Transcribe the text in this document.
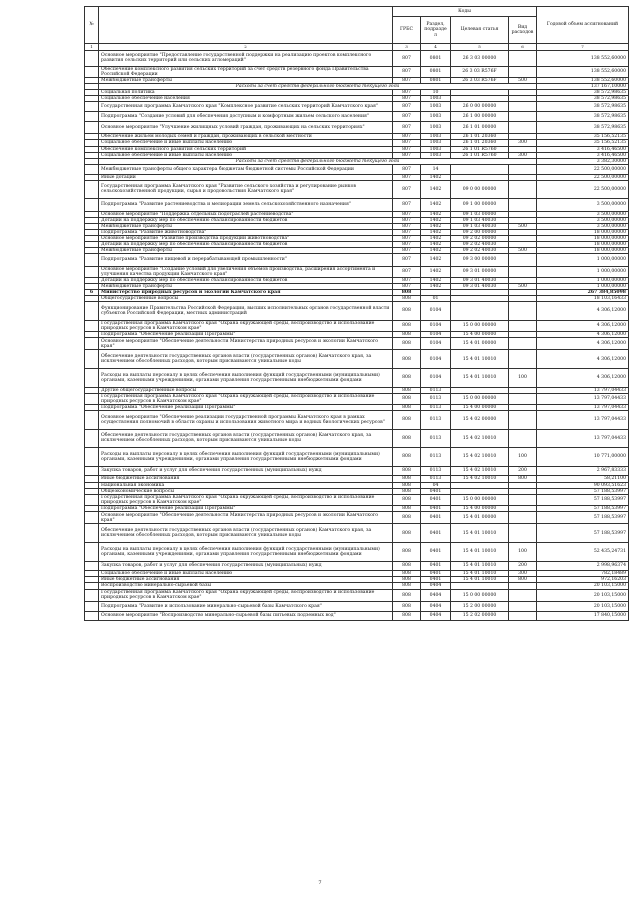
№		Коды				Годовой объем ассигнований
		ГРБС	Раздел, подраздел	Целевая статья	Вид расходов	
1	2	3	4	5	6	7
	Основное мероприятие "Предоставление государственной поддержки на реализацию проектов комплексного развития сельских территорий или сельских агломераций"	807	0801	26 3 03 00000		138 552,60000
	Обеспечение комплексного развития сельских территорий за счет средств резервного фонда Правительства Российской Федерации	807	0801	26 3 03 R576F		138 552,60000
	Межбюджетные трансферты	807	0801	26 3 03 R576F	500	138 552,60000
	Расходы за счет средств федерального бюджета текущего года					137 167,10000
	Социальная политика	807	10			38 572,98635
	Социальное обеспечение населения	807	1003			38 572,98635
	Государственная программа Камчатского края "Комплексное развитие сельских территорий Камчатского края"	807	1003	26 0 00 00000		38 572,98635
	Подпрограмма "Создание условий для обеспечения доступным и комфортным жильем сельского населения"	807	1003	26 1 00 00000		38 572,98635
	Основное мероприятие "Улучшение жилищных условий граждан, проживающих на сельских территориях"	807	1003	26 1 01 00000		38 572,98635
	Обеспечение жильем молодых семей и граждан, проживающих в сельской местности	807	1003	26 1 01 20360		35 156,52135
	Социальное обеспечение и иные выплаты населению	807	1003	26 1 01 20360	300	35 156,52135
	Обеспечение комплексного развития сельских территорий	807	1003	26 1 01 R5760		3 416,46500
	Социальное обеспечение и иные выплаты населению	807	1003	26 1 01 R5760	300	3 416,46500
	Расходы за счет средств федерального бюджета текущего года					3 382,30000
	Межбюджетные трансферты общего характера бюджетам бюджетной системы Российской Федерации	807	14			22 500,00000
	Иные дотации	807	1402			22 500,00000
	Государственная программа Камчатского края "Развитие сельского хозяйства и регулирование рынков сельскохозяйственной продукции, сырья и продовольствия Камчатского края"	807	1402	09 0 00 00000		22 500,00000
	Подпрограмма "Развитие растениеводства и мелиорации земель сельскохозяйственного назначения"	807	1402	09 1 00 00000		3 500,00000
	Основное мероприятие "Поддержка отдельных подотраслей растениеводства"	807	1402	09 1 03 00000		3 500,00000
	Дотации на поддержку мер по обеспечению сбалансированности бюджетов	807	1402	09 1 03 40030		3 500,00000
	Межбюджетные трансферты	807	1402	09 1 03 40030	500	3 500,00000
	Подпрограмма "Развитие животноводства"	807	1402	09 2 00 00000		18 000,00000
	Основное мероприятие "Развитие производства продукции животноводства"	807	1402	09 2 02 00000		18 000,00000
	Дотации на поддержку мер по обеспечению сбалансированности бюджетов	807	1402	09 2 02 40030		18 000,00000
	Межбюджетные трансферты	807	1402	09 2 02 40030	500	18 000,00000
	Подпрограмма "Развитие пищевой и перерабатывающей промышленности"	807	1402	09 3 00 00000		1 000,00000
	Основное мероприятие "Создание условий для увеличения объемов производства, расширения ассортимента и улучшения качества продукции Камчатского края"	807	1402	09 3 01 00000		1 000,00000
	Дотации на поддержку мер по обеспечению сбалансированности бюджетов	807	1402	09 3 01 40030		1 000,00000
	Межбюджетные трансферты	807	1402	09 3 01 40030	500	1 000,00000
6	Министерство природных ресурсов и экологии Камчатского края	808				267 384,85098
	Общегосударственные вопросы	808	01			18 103,16433
	Функционирование Правительства Российской Федерации, высших исполнительных органов государственной власти субъектов Российской Федерации, местных администраций	808	0104			4 306,12000
	Государственная программа Камчатского края "Охрана окружающей среды, воспроизводство и использование природных ресурсов в Камчатском крае"	808	0104	15 0 00 00000		4 306,12000
	Подпрограмма "Обеспечение реализации Программы"	808	0104	15 4 00 00000		4 306,12000
	Основное мероприятие "Обеспечение деятельности Министерства природных ресурсов и экологии Камчатского края"	808	0104	15 4 01 00000		4 306,12000
	Обеспечение деятельности государственных органов власти (государственных органов) Камчатского края, за исключением обособленных расходов, которым присваиваются уникальные коды	808	0104	15 4 01 10010		4 306,12000
	Расходы на выплаты персоналу в целях обеспечения выполнения функций государственными (муниципальными) органами, казенными учреждениями, органами управления государственными внебюджетными фондами	808	0104	15 4 01 10010	100	4 306,12000
	Другие общегосударственные вопросы	808	0113			13 797,04433
	Государственная программа Камчатского края "Охрана окружающей среды, воспроизводство и использование природных ресурсов в Камчатском крае"	808	0113	15 0 00 00000		13 797,04433
	Подпрограмма "Обеспечение реализации Программы"	808	0113	15 4 00 00000		13 797,04433
	Основное мероприятие "Обеспечение реализации государственной программы Камчатского края в рамках осуществления полномочий в области охраны и использования животного мира и водных биологических ресурсов"	808	0113	15 4 02 00000		13 797,04433
	Обеспечение деятельности государственных органов власти (государственных органов) Камчатского края, за исключением обособленных расходов, которым присваиваются уникальные коды	808	0113	15 4 02 10010		13 797,04433
	Расходы на выплаты персоналу в целях обеспечения выполнения функций государственными (муниципальными) органами, казенными учреждениями, органами управления государственными внебюджетными фондами	808	0113	15 4 02 10010	100	10 771,00000
	Закупка товаров, работ и услуг для обеспечения государственных (муниципальных) нужд	808	0113	15 4 02 10010	200	2 967,83333
	Иные бюджетные ассигнования	808	0113	15 4 02 10010	800	58,21100
	Национальная экономика	808	04			90 093,51623
	Общеэкономические вопросы	808	0401			57 188,53997
	Государственная программа Камчатского края "Охрана окружающей среды, воспроизводство и использование природных ресурсов в Камчатском крае"	808	0401	15 0 00 00000		57 188,53997
	Подпрограмма "Обеспечение реализации Программы"	808	0401	15 4 00 00000		57 188,53997
	Основное мероприятие "Обеспечение деятельности Министерства природных ресурсов и экологии Камчатского края"	808	0401	15 4 01 00000		57 188,53997
	Обеспечение деятельности государственных органов власти (государственных органов) Камчатского края, за исключением обособленных расходов, которым присваиваются уникальные коды	808	0401	15 4 01 10010		57 188,53997
	Расходы на выплаты персоналу в целях обеспечения выполнения функций государственными (муниципальными) органами, казенными учреждениями, органами управления государственными внебюджетными фондами	808	0401	15 4 01 10010	100	52 435,24731
	Закупка товаров, работ и услуг для обеспечения государственных (муниципальных) нужд	808	0401	15 4 01 10010	200	2 998,96374
	Социальное обеспечение и иные выплаты населению	808	0401	15 4 01 10010	300	782,18489
	Иные бюджетные ассигнования	808	0401	15 4 01 10010	800	972,16203
	Воспроизводство минерально-сырьевой базы	808	0404			20 103,15000
	Государственная программа Камчатского края "Охрана окружающей среды, воспроизводство и использование природных ресурсов в Камчатском крае"	808	0404	15 0 00 00000		20 103,15000
	Подпрограмма "Развитие и использование минерально-сырьевой базы Камчатского края"	808	0404	15 2 00 00000		20 103,15000
	Основное мероприятие "Воспроизводство минерально-сырьевой базы питьевых подземных вод"	808	0404	15 2 02 00000		17 840,15000
7
